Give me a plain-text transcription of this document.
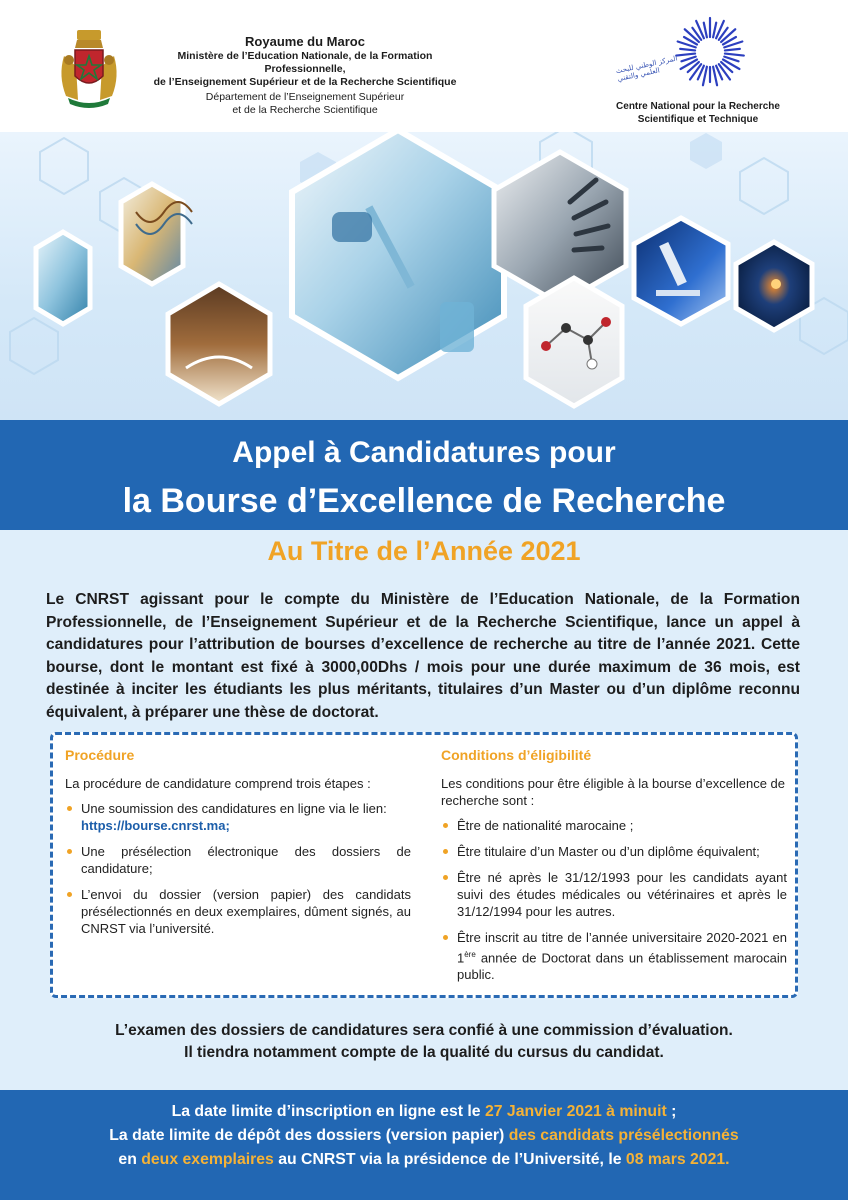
Royaume du Maroc
Ministère de l’Education Nationale, de la Formation Professionnelle,
de l’Enseignement Supérieur et de la Recherche Scientifique
Département de l’Enseignement Supérieur
et de la Recherche Scientifique
المركز الوطني للبحث العلمي والتقني
Centre National pour la Recherche
Scientifique et Technique
Appel à Candidatures pour
la Bourse d’Excellence de Recherche
Au Titre de l’Année 2021
Le CNRST agissant pour le compte du Ministère de l’Education Nationale, de la Formation Professionnelle, de l’Enseignement Supérieur et de la Recherche Scientifique, lance un appel à candidatures pour l’attribution de bourses d’excellence de recherche au titre de l’année 2021. Cette bourse, dont le montant est fixé à 3000,00Dhs / mois pour une durée maximum de 36 mois, est destinée à inciter les étudiants les plus méritants, titulaires d’un Master ou d’un diplôme reconnu équivalent, à préparer une thèse de doctorat.
Procédure
La procédure de candidature comprend trois étapes :
Une soumission des candidatures en ligne via le lien:
https://bourse.cnrst.ma;
Une présélection électronique des dossiers de candidature;
L’envoi du dossier (version papier) des candidats présélectionnés en deux exemplaires, dûment signés, au CNRST via l’université.
Conditions d’éligibilité
Les conditions pour être éligible à la bourse d’excellence de recherche sont :
Être de nationalité marocaine ;
Être titulaire d’un Master ou d’un diplôme équivalent;
Être né après le 31/12/1993 pour les candidats ayant suivi des études médicales ou vétérinaires et après le 31/12/1994 pour les autres.
Être inscrit au titre de l’année universitaire 2020-2021 en 1ère année de Doctorat dans un établissement marocain public.
L’examen des dossiers de candidatures sera confié à une commission d’évaluation.
Il tiendra notamment compte de la qualité du cursus du candidat.
La date limite d’inscription en ligne est le 27 Janvier 2021 à minuit ;
La date limite de dépôt des dossiers (version papier) des candidats présélectionnés
en deux exemplaires au CNRST via la présidence de l’Université, le 08 mars 2021.
